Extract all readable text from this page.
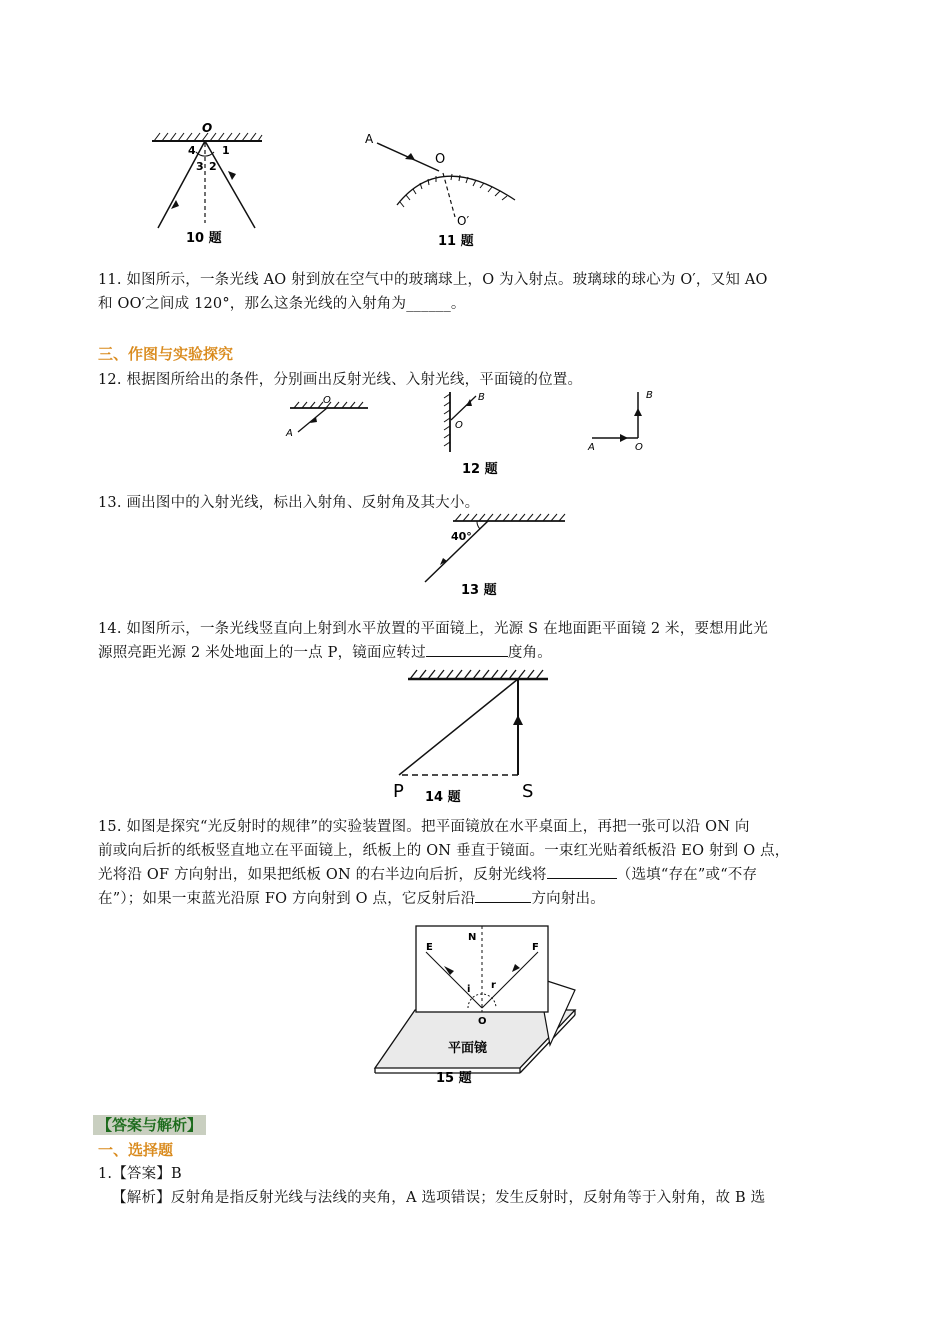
O
4 1
3 2
10 题
A
O
O′
11 题
11. 如图所示，一条光线 AO 射到放在空气中的玻璃球上，O 为入射点。玻璃球的球心为 O′，又知 AO
和 OO′之间成 120°，那么这条光线的入射角为______。
三、作图与实验探究
12. 根据图所给出的条件，分别画出反射光线、入射光线，平面镜的位置。
O
A
B
O
A	O
B
12 题
13. 画出图中的入射光线，标出入射角、反射角及其大小。
40°
13 题
14. 如图所示，一条光线竖直向上射到水平放置的平面镜上，光源 S 在地面距平面镜 2 米，要想用此光
源照亮距光源 2 米处地面上的一点 P，镜面应转过	度角。
P	S
14 题
15. 如图是探究“光反射时的规律”的实验装置图。把平面镜放在水平桌面上，再把一张可以沿 ON 向
前或向后折的纸板竖直地立在平面镜上，纸板上的 ON 垂直于镜面。一束红光贴着纸板沿 EO 射到 O 点，
光将沿 OF 方向射出，如果把纸板 ON 的右半边向后折，反射光线将	（选填“存在”或“不存
在”）；如果一束蓝光沿原 FO 方向射到 O 点，它反射后沿	方向射出。
N
E	F
i r
O
平面镜
15 题
【答案与解析】
一、选择题
1.【答案】B
【解析】反射角是指反射光线与法线的夹角，A 选项错误；发生反射时，反射角等于入射角，故 B 选
